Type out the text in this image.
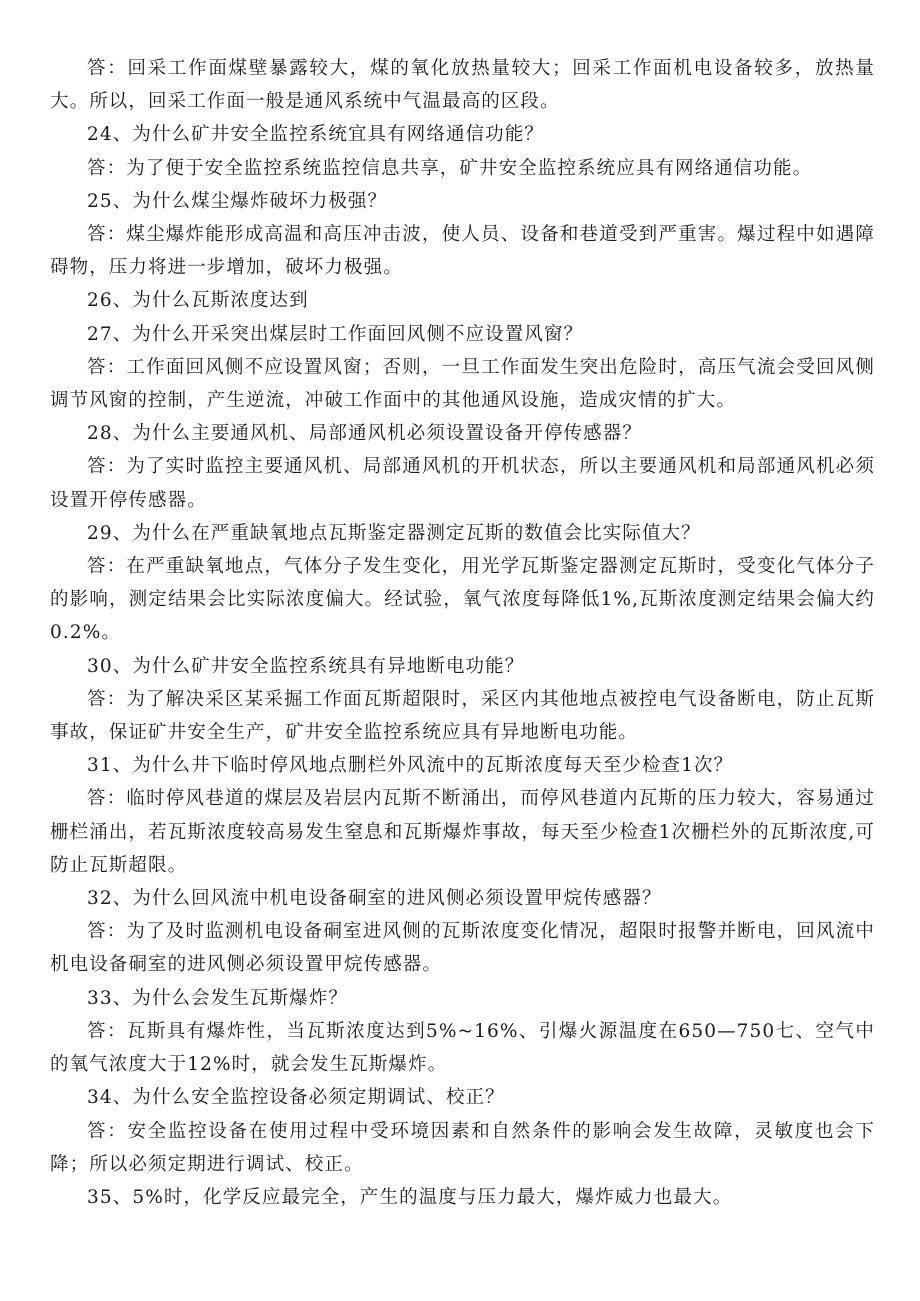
答：回采工作面煤壁暴露较大，煤的氧化放热量较大；回采工作面机电设备较多，放热量大。所以，回采工作面一般是通风系统中气温最高的区段。

24、为什么矿井安全监控系统宜具有网络通信功能？

答：为了便于安全监控系统监控信息共享，矿井安全监控系统应具有网络通信功能。

25、为什么煤尘爆炸破坏力极强？

答：煤尘爆炸能形成高温和高压冲击波，使人员、设备和巷道受到严重害。爆过程中如遇障碍物，压力将进一步增加，破坏力极强。

26、为什么瓦斯浓度达到

27、为什么开采突出煤层时工作面回风侧不应设置风窗？

答：工作面回风侧不应设置风窗；否则，一旦工作面发生突出危险时，高压气流会受回风侧调节风窗的控制，产生逆流，冲破工作面中的其他通风设施，造成灾情的扩大。

28、为什么主要通风机、局部通风机必须设置设备开停传感器？

答：为了实时监控主要通风机、局部通风机的开机状态，所以主要通风机和局部通风机必须设置开停传感器。

29、为什么在严重缺氧地点瓦斯鉴定器测定瓦斯的数值会比实际值大？

答：在严重缺氧地点，气体分子发生变化，用光学瓦斯鉴定器测定瓦斯时，受变化气体分子的影响，测定结果会比实际浓度偏大。经试验，氧气浓度每降低1%,瓦斯浓度测定结果会偏大约0.2%。

30、为什么矿井安全监控系统具有异地断电功能？

答：为了解决采区某采掘工作面瓦斯超限时，采区内其他地点被控电气设备断电，防止瓦斯事故，保证矿井安全生产，矿井安全监控系统应具有异地断电功能。

31、为什么井下临时停风地点删栏外风流中的瓦斯浓度每天至少检查1次？

答：临时停风巷道的煤层及岩层内瓦斯不断涌出，而停风巷道内瓦斯的压力较大，容易通过栅栏涌出，若瓦斯浓度较高易发生窒息和瓦斯爆炸事故，每天至少检查1次栅栏外的瓦斯浓度,可防止瓦斯超限。

32、为什么回风流中机电设备硐室的进风侧必须设置甲烷传感器？

答：为了及时监测机电设备硐室进风侧的瓦斯浓度变化情况，超限时报警并断电，回风流中机电设备硐室的进风侧必须设置甲烷传感器。

33、为什么会发生瓦斯爆炸？

答：瓦斯具有爆炸性，当瓦斯浓度达到5%~16%、引爆火源温度在650—750七、空气中的氧气浓度大于12%时，就会发生瓦斯爆炸。

34、为什么安全监控设备必须定期调试、校正？

答：安全监控设备在使用过程中受环境因素和自然条件的影响会发生故障，灵敏度也会下降；所以必须定期进行调试、校正。

35、5%时，化学反应最完全，产生的温度与压力最大，爆炸威力也最大。
